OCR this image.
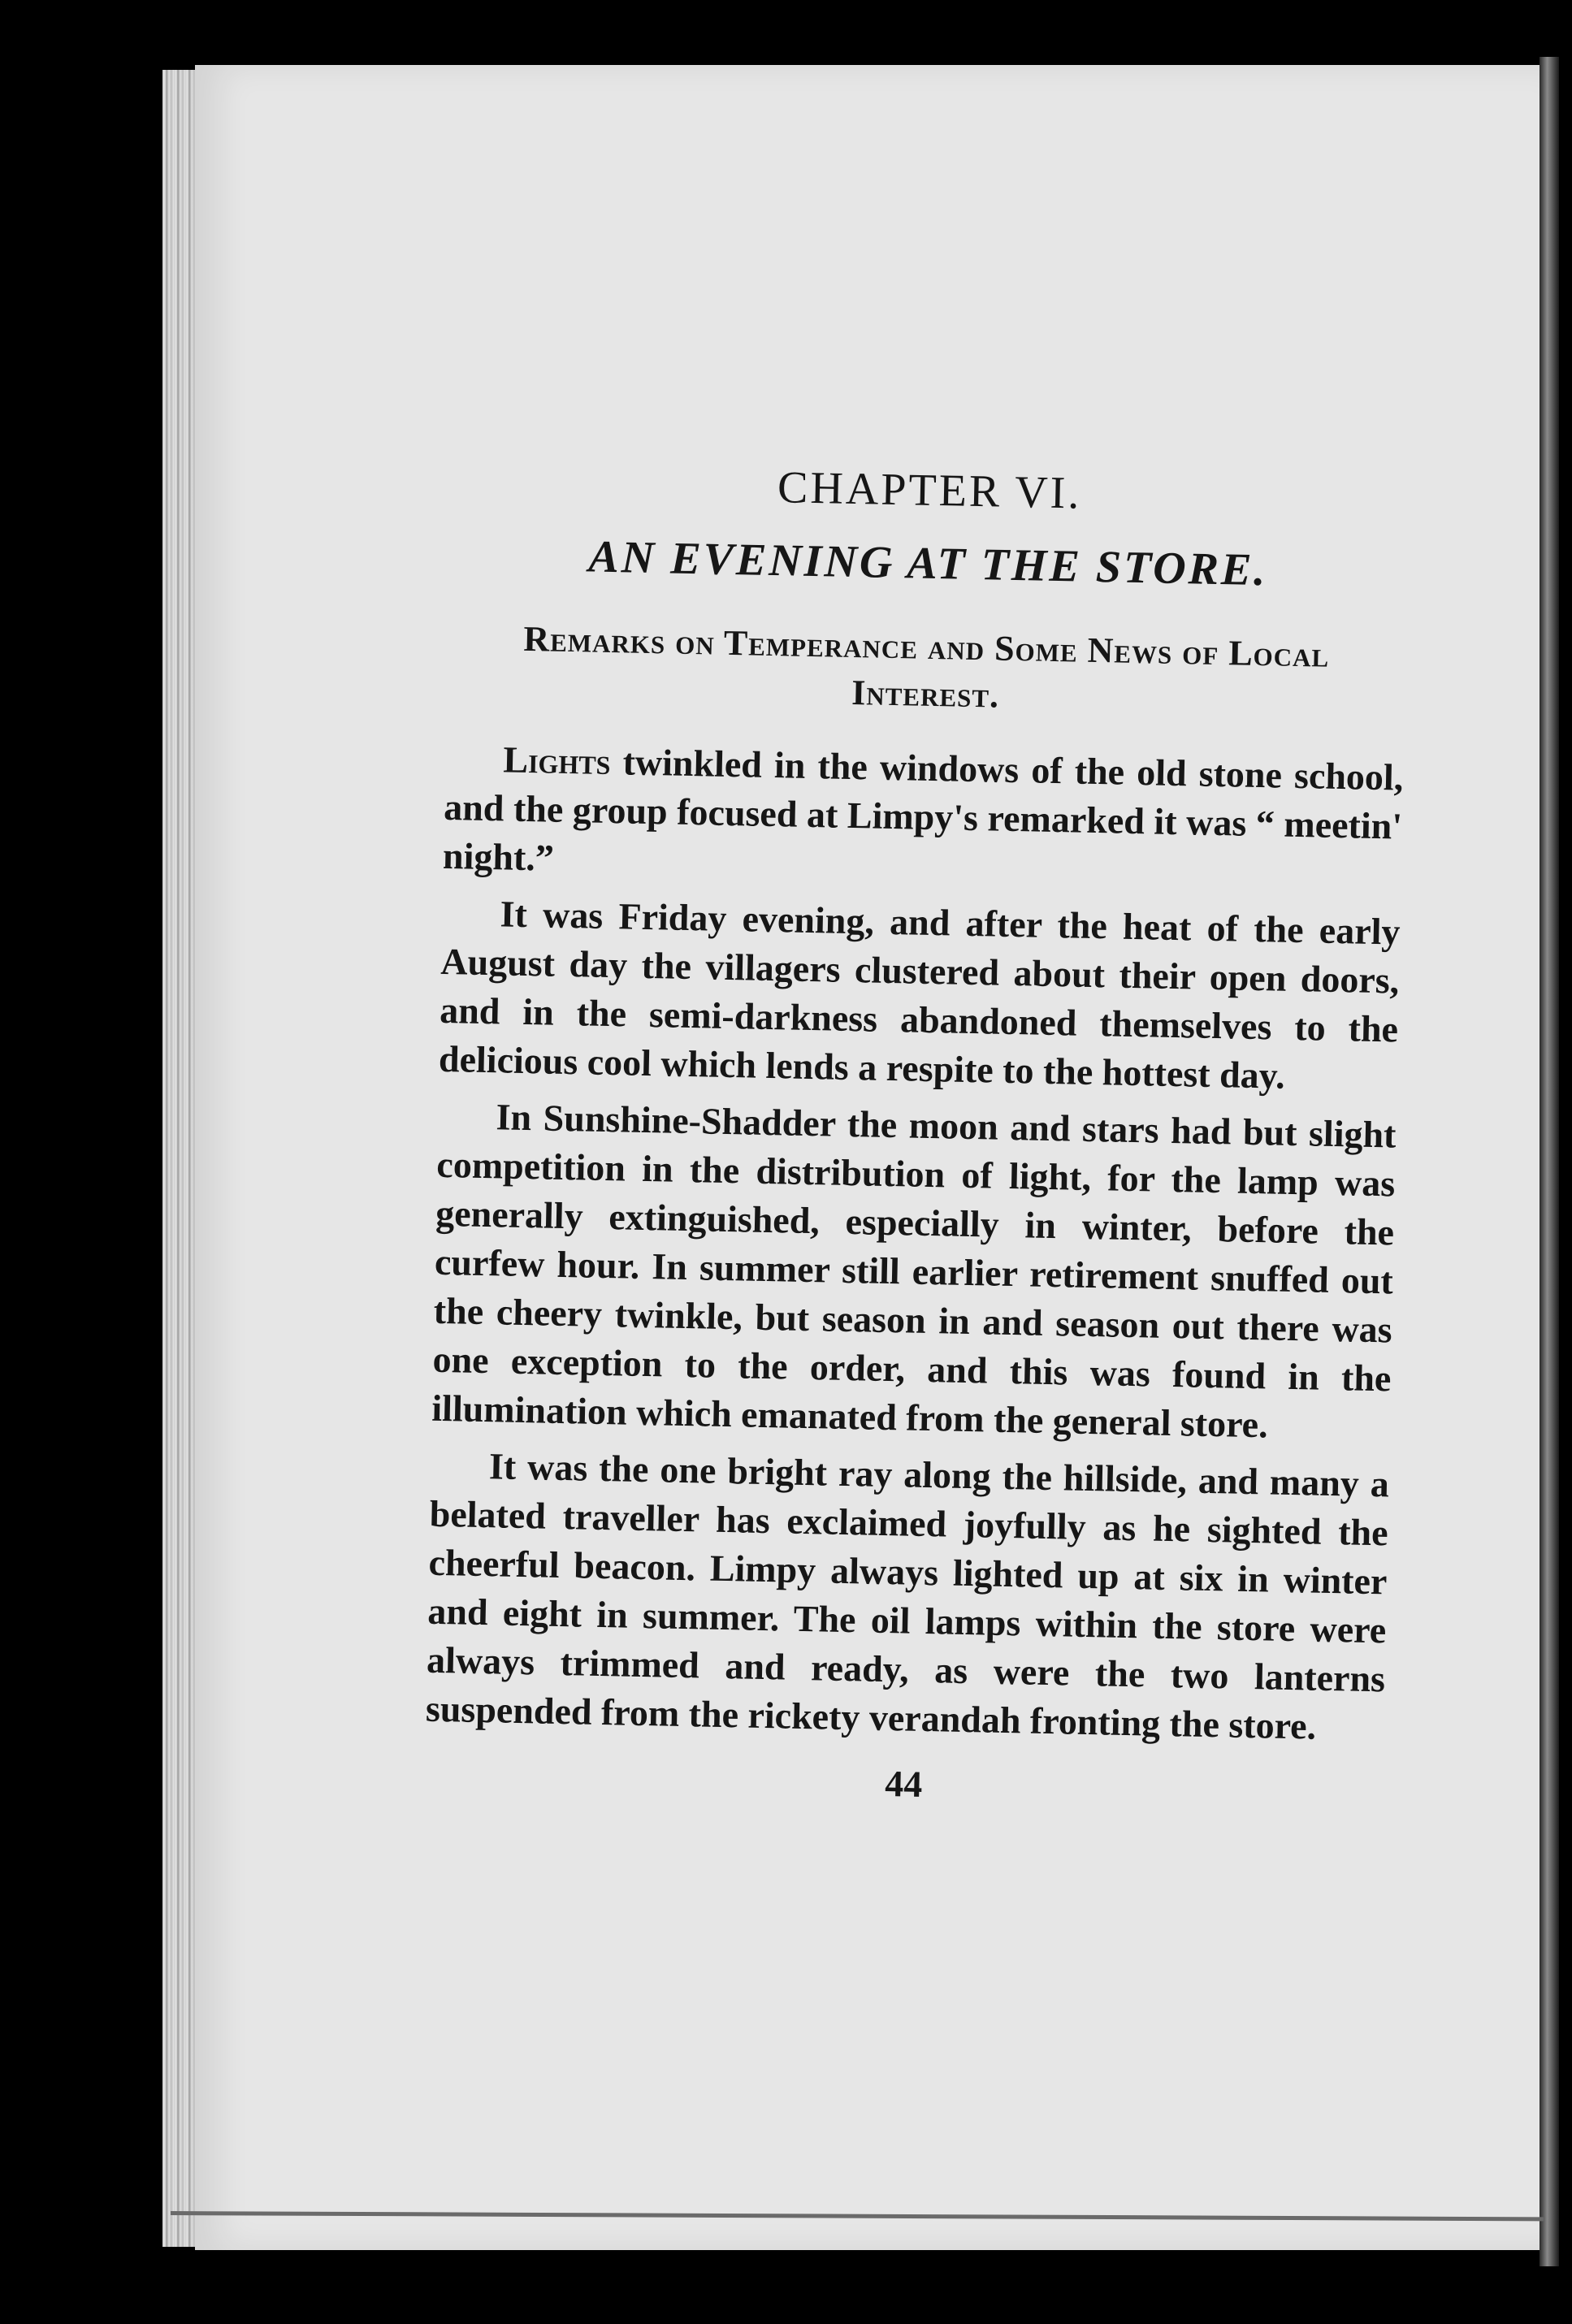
CHAPTER VI.
AN EVENING AT THE STORE.
Remarks on Temperance and Some News of Local Interest.

Lights twinkled in the windows of the old stone school, and the group focused at Limpy's remarked it was “ meetin' night.”

It was Friday evening, and after the heat of the early August day the villagers clustered about their open doors, and in the semi-darkness abandoned themselves to the delicious cool which lends a respite to the hottest day.

In Sunshine-Shadder the moon and stars had but slight competition in the distribution of light, for the lamp was generally extinguished, especially in winter, before the curfew hour. In summer still earlier retirement snuffed out the cheery twinkle, but season in and season out there was one exception to the order, and this was found in the illumination which emanated from the general store.

It was the one bright ray along the hillside, and many a belated traveller has exclaimed joyfully as he sighted the cheerful beacon. Limpy always lighted up at six in winter and eight in summer. The oil lamps within the store were always trimmed and ready, as were the two lanterns suspended from the rickety verandah fronting the store.

44
